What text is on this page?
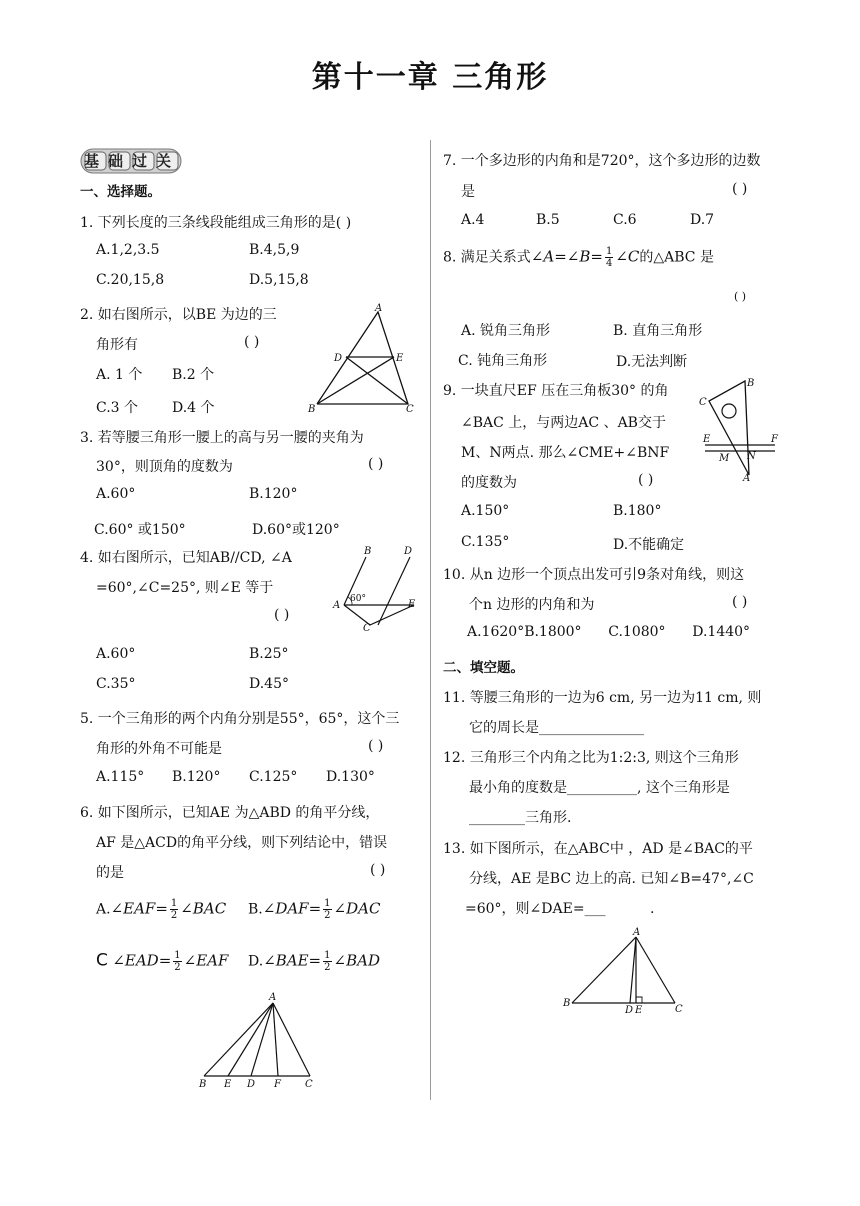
第十一章 三角形
基础过关
一、选择题。
1. 下列长度的三条线段能组成三角形的是( )
A.1,2,3.5	B.4,5,9
C.20,15,8	D.5,15,8
2. 如右图所示，以BE 为边的三
角形有	( )
A. 1 个 B.2 个
C.3 个 D.4 个
A
D	E
B	C
3. 若等腰三角形一腰上的高与另一腰的夹角为
30°，则顶角的度数为	( )
A.60°	B.120°
C.60° 或150°	D.60°或120°
4. 如右图所示，已知AB//CD, ∠A
=60°,∠C=25°, 则∠E 等于
( )
B	D
A
60°	E
C
A.60°	B.25°
C.35°	D.45°
5. 一个三角形的两个内角分别是55°，65°，这个三
角形的外角不可能是	( )
A.115° B.120° C.125° D.130°
6. 如下图所示，已知AE 为△ABD 的角平分线，
AF 是△ACD的角平分线，则下列结论中，错误
的是	( )
A.∠EAF= $\frac{1}{2}$ ∠BAC B.∠DAF= $\frac{1}{2}$ ∠DAC
C ∠EAD= $\frac{1}{2}$ ∠EAF D.∠BAE= $\frac{1}{2}$ ∠BAD
A
B E D F C
7. 一个多边形的内角和是720°，这个多边形的边数
是	( )
A.4	B.5	C.6	D.7
8. 满足关系式∠A=∠B= $\frac{1}{4}$ ∠C的△ABC 是
( )
A. 锐角三角形	B. 直角三角形
C. 钝角三角形	D.无法判断
9. 一块直尺EF 压在三角板30° 的角
∠BAC 上，与两边AC 、AB交于
M、N两点. 那么∠CME+∠BNF
的度数为	( )
B
C
E	F
M N
A
A.150°	B.180°
C.135°	D.不能确定
10. 从n 边形一个顶点出发可引9条对角线，则这
个n 边形的内角和为	( )
A.1620°B.1800°      C.1080°      D.1440°
二、填空题。
11. 等腰三角形的一边为6 cm, 另一边为11 cm, 则
它的周长是_______________
12. 三角形三个内角之比为1:2:3, 则这个三角形
最小角的度数是__________, 这个三角形是
________三角形.
13. 如下图所示，在△ABC中 ，AD 是∠BAC的平
分线，AE 是BC 边上的高. 已知∠B=47°,∠C
=60°，则∠DAE=___          .
A
B
D E	C
